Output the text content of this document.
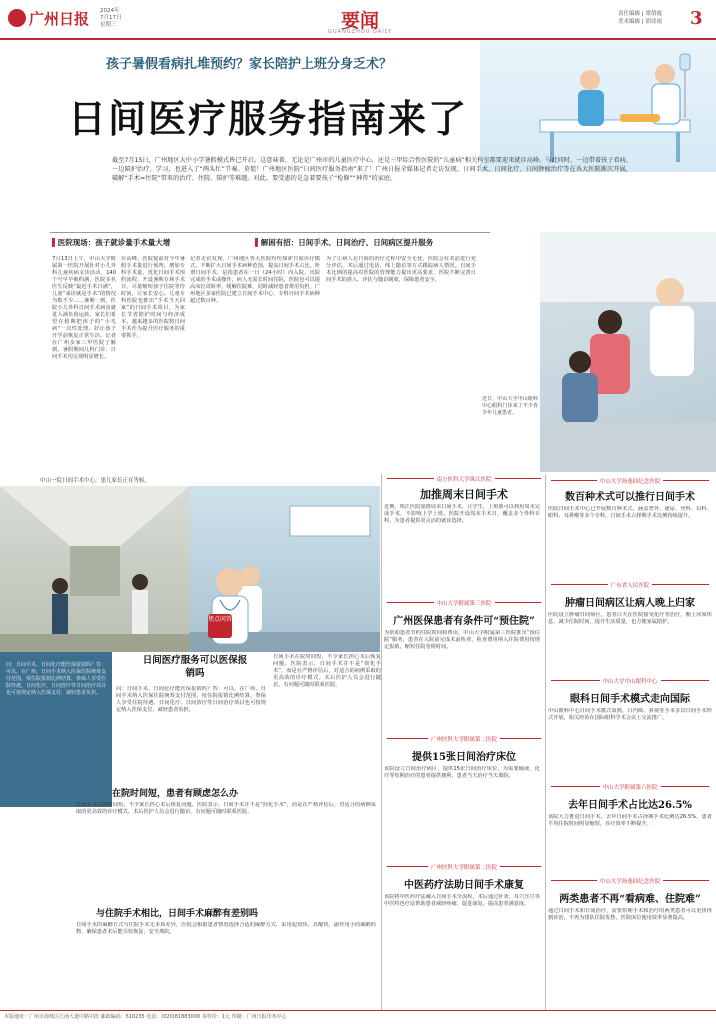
广州日报 2024年
7月17日
星期三	要闻
GUANGZHOU DAILY
责任编辑 | 梁倩霞
美术编辑 | 胡诗雨 3
孩子暑假看病扎堆预约？家长陪护上班分身乏术？
日间医疗服务指南来了
截至7月15日，广州地区大中小学暑假模式皆已开启。这意味着，无论是广州市的儿童医疗中心，还是三甲综合性医院的“儿童病”相关科室都要迎来就诊高峰。与此同时，一边带着孩子看病、一边陪护治疗、学习，也进入了“两头忙”节奏。莫慌！广州地区医院“日间医疗服务指南”来了！广州日报全媒体记者走访发现，日间手术、日间化疗、日间肿瘤治疗等在各大医院渐次开展，破解“手术=住院”带来的治疗、住院、陪护等难题。对此，要受惠的是急着要孩子“检修”“神兽”的家庭。
▌医院现场：孩子就诊量手术量大增	▌解困有招：日间手术、日间治疗、日间病区提升服务
7月13日上午，中山大学附属第一医院开展针对小儿外科儿童疾病义诊活动，140个号早早被约满，医院多名医生反映“最近手术日满”，儿童“来诊就是手术”的情况为数不少……暑期一到，医院小儿外科日间手术病房就进入满负荷运转，家长们希望在假期把孩子的“小毛病”一次性处理，好让孩子开学前恢复正常生活。记者在广州多家三甲医院了解到，暑假期间儿科门诊、日间手术均呈现明显增长。
诊高峰。医院提前对今年暑假手术量进行预判，增加专科手术量，优化日间手术预约流程，开设暑期专场手术日，尽量缩短孩子住院等待时间，让家长安心。儿童专科医院也推出“手术当天回家”的日间手术项目，为家长节省陪护时间与经济成本。越来越多的医院将日间手术作为提升医疗服务的重要抓手。
记者走访发现，广州地区各大医院纷纷探索日间诊疗模式，不断扩大日间手术病种范围，提高日间手术占比。所谓日间手术，是指患者在一日（24小时）内入院、出院完成的手术或操作，病人无需长时间住院，医院也可以提高床位周转率，缓解住院难，同时减轻患者费用负担。广州地区多家医院已建立日间手术中心，专科日间手术病种超过数百种。
为了让病人在日间的治疗过程中安全无忧，医院会在术前进行充分评估，术后通过电话、线上随访等方式跟踪病人情况。日间手术比例的提高对医院的管理能力提出更高要求，医院不断完善日间手术的准入、评估与随访制度，保障患者安全。
近日，中山大学中山眼科中心眼科门诊来了不少青少年儿童患者。
中山一院日间手术中心，患儿家长正在等候。
问：日间手术、日间化疗能医保报销吗？答：可以。在广州，日间手术纳入医保住院统筹支付范围，按住院报销比例结算，参保人享受住院待遇。日间化疗、日间放疗等日间治疗项目也可按规定纳入医保支付，减轻患者负担。
焦点问答
日间医疗服务可以医保报销吗
问：日间手术、日间化疗能医保报销吗？答：可以。在广州，日间手术纳入医保住院统筹支付范围，按住院报销比例结算，参保人享受住院待遇。日间化疗、日间放疗等日间治疗项目也可按规定纳入医保支付，减轻患者负担。
日间手术在院时间短，不少家长担心术后恢复问题。医院表示，日间手术并不是“简化手术”，而是在严格评估后，对适合的病例采取的更高效的诊疗模式。术后医护人员会进行随访，有问题可随时联系医院。
在院时间短，患者有顾虑怎么办
日间手术在院时间短，不少家长担心术后恢复问题。医院表示，日间手术并不是“简化手术”，而是在严格评估后，对适合的病例采取的更高效的诊疗模式。术后医护人员会进行随访，有问题可随时联系医院。
与住院手术相比，日间手术麻醉有差别吗
日间手术的麻醉方式与住院手术无本质差异，医院会根据患者情况选择合适的麻醉方式，采用起效快、苏醒快、副作用小的麻醉药物，确保患者术后能尽快恢复，安全离院。
南方医科大学珠江医院
加推周末日间手术
近期，珠江医院加推周末日间手术，让学生、上班族可以利用周末完成手术，不影响上学上班。医院开设周末手术日，覆盖多个外科专科，为患者提供更灵活的就诊选择。
中山大学附属第三医院
广州医保患者有条件可“预住院”
为帮助患者节约住院时间和费用，中山大学附属第三医院推出“预住院”服务，患者在入院前完成术前检查，检查费用纳入住院费用按规定报销，缩短住院等候时间。
广州医科大学附属第二医院
提供15张日间治疗床位
该院设立日间治疗病区，提供15张日间治疗床位，为需要输液、化疗等短期治疗的患者提供便利，患者当天治疗当天离院。
广州医科大学附属第二医院
中医药疗法助日间手术康复
该院将中医药疗法融入日间手术全流程，术后通过针灸、耳穴压豆等中医特色疗法帮助患者减轻疼痛、促进康复，提高患者满意度。
中山大学孙逸仙纪念医院
数百种术式可以推行日间手术
医院日间手术中心已开展数百种术式，涵盖普外、泌尿、骨科、妇科、眼科、耳鼻喉等多个专科，日间手术占择期手术比例持续提升。
广东省人民医院
肿瘤日间病区让病人晚上归家
医院设立肿瘤日间病区，患者白天在医院接受化疗等治疗，晚上回家休息，减少住院时间，提升生活质量，也方便家属陪护。
中山大学中山眼科中心
眼科日间手术模式走向国际
中山眼科中心日间手术模式成熟，白内障、斜视等手术多以日间手术形式开展，相关经验在国际眼科学术会议上交流推广。
中山大学附属第六医院
去年日间手术占比达26.5%
该院大力推进日间手术，去年日间手术占择期手术比例达26.5%，患者平均住院时间明显缩短，诊疗效率不断提升。
中山大学孙逸仙纪念医院
两类患者不再“看病难、住院难”
通过日间手术和日间治疗，需要短期手术和治疗的两类患者可以更快得到诊治，不再为排队住院发愁，医院床位使用效率显著提高。
本版地址：广州市海珠区江南大道中路中段 邮政编码：510235 电话：(020)81883000 零售价：1元 印刷：广州日报印务中心
